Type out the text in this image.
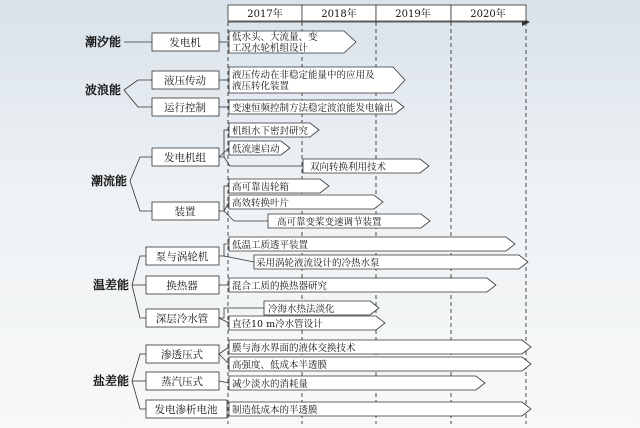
2017年	2018年	2019年	2020年
潮汐能
波浪能
潮流能
温差能
盐差能
发电机
液压传动
运行控制
发电机组
装置
泵与涡轮机
换热器
深层冷水管
渗透压式
蒸汽压式
发电渗析电池
低水头、大流量、变工况水轮机组设计
液压传动在非稳定能量中的应用及液压转化装置
变速恒频控制方法稳定波浪能发电输出
机组水下密封研究
低流速启动
双向转换利用技术
高可靠齿轮箱
高效转换叶片
高可靠变桨变速调节装置
低温工质透平装置
采用涡轮液流设计的冷热水泵
混合工质的换热器研究
冷海水热法淡化
直径10 m冷水管设计
膜与海水界面的液体交换技术
高强度、低成本半透膜
减少淡水的消耗量
制造低成本的半透膜
